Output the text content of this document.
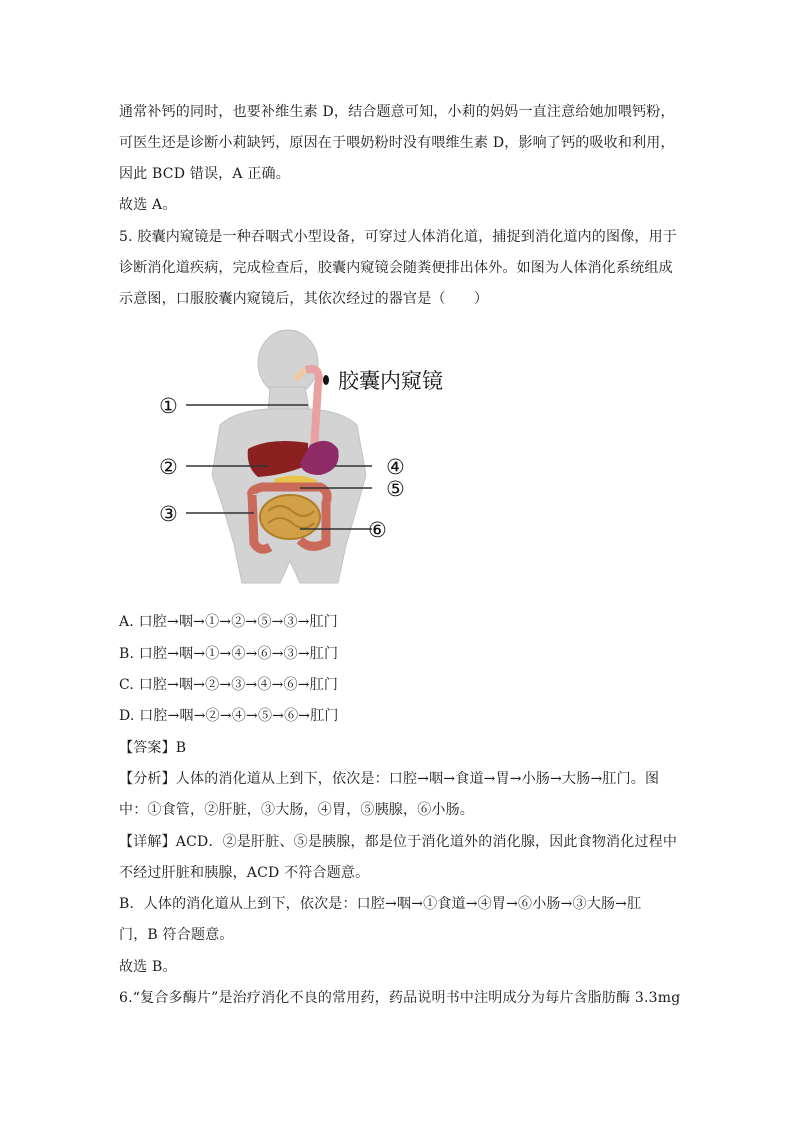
通常补钙的同时，也要补维生素 D，结合题意可知，小莉的妈妈一直注意给她加喂钙粉，
可医生还是诊断小莉缺钙，原因在于喂奶粉时没有喂维生素 D，影响了钙的吸收和利用，
因此 BCD 错误，A 正确。
故选 A。
5. 胶囊内窥镜是一种吞咽式小型设备，可穿过人体消化道，捕捉到消化道内的图像，用于
诊断消化道疾病，完成检查后，胶囊内窥镜会随粪便排出体外。如图为人体消化系统组成
示意图，口服胶囊内窥镜后，其依次经过的器官是（　　）
①
②
③
④
⑤
⑥
胶囊内窥镜
A. 口腔→咽→①→②→⑤→③→肛门
B. 口腔→咽→①→④→⑥→③→肛门
C. 口腔→咽→②→③→④→⑥→肛门
D. 口腔→咽→②→④→⑤→⑥→肛门
【答案】B
【分析】人体的消化道从上到下，依次是：口腔→咽→食道→胃→小肠→大肠→肛门。图
中：①食管，②肝脏，③大肠，④胃，⑤胰腺，⑥小肠。
【详解】ACD．②是肝脏、⑤是胰腺，都是位于消化道外的消化腺，因此食物消化过程中
不经过肝脏和胰腺，ACD 不符合题意。
B．人体的消化道从上到下，依次是：口腔→咽→①食道→④胃→⑥小肠→③大肠→肛
门，B 符合题意。
故选 B。
6.“复合多酶片”是治疗消化不良的常用药，药品说明书中注明成分为每片含脂肪酶 3.3mg
